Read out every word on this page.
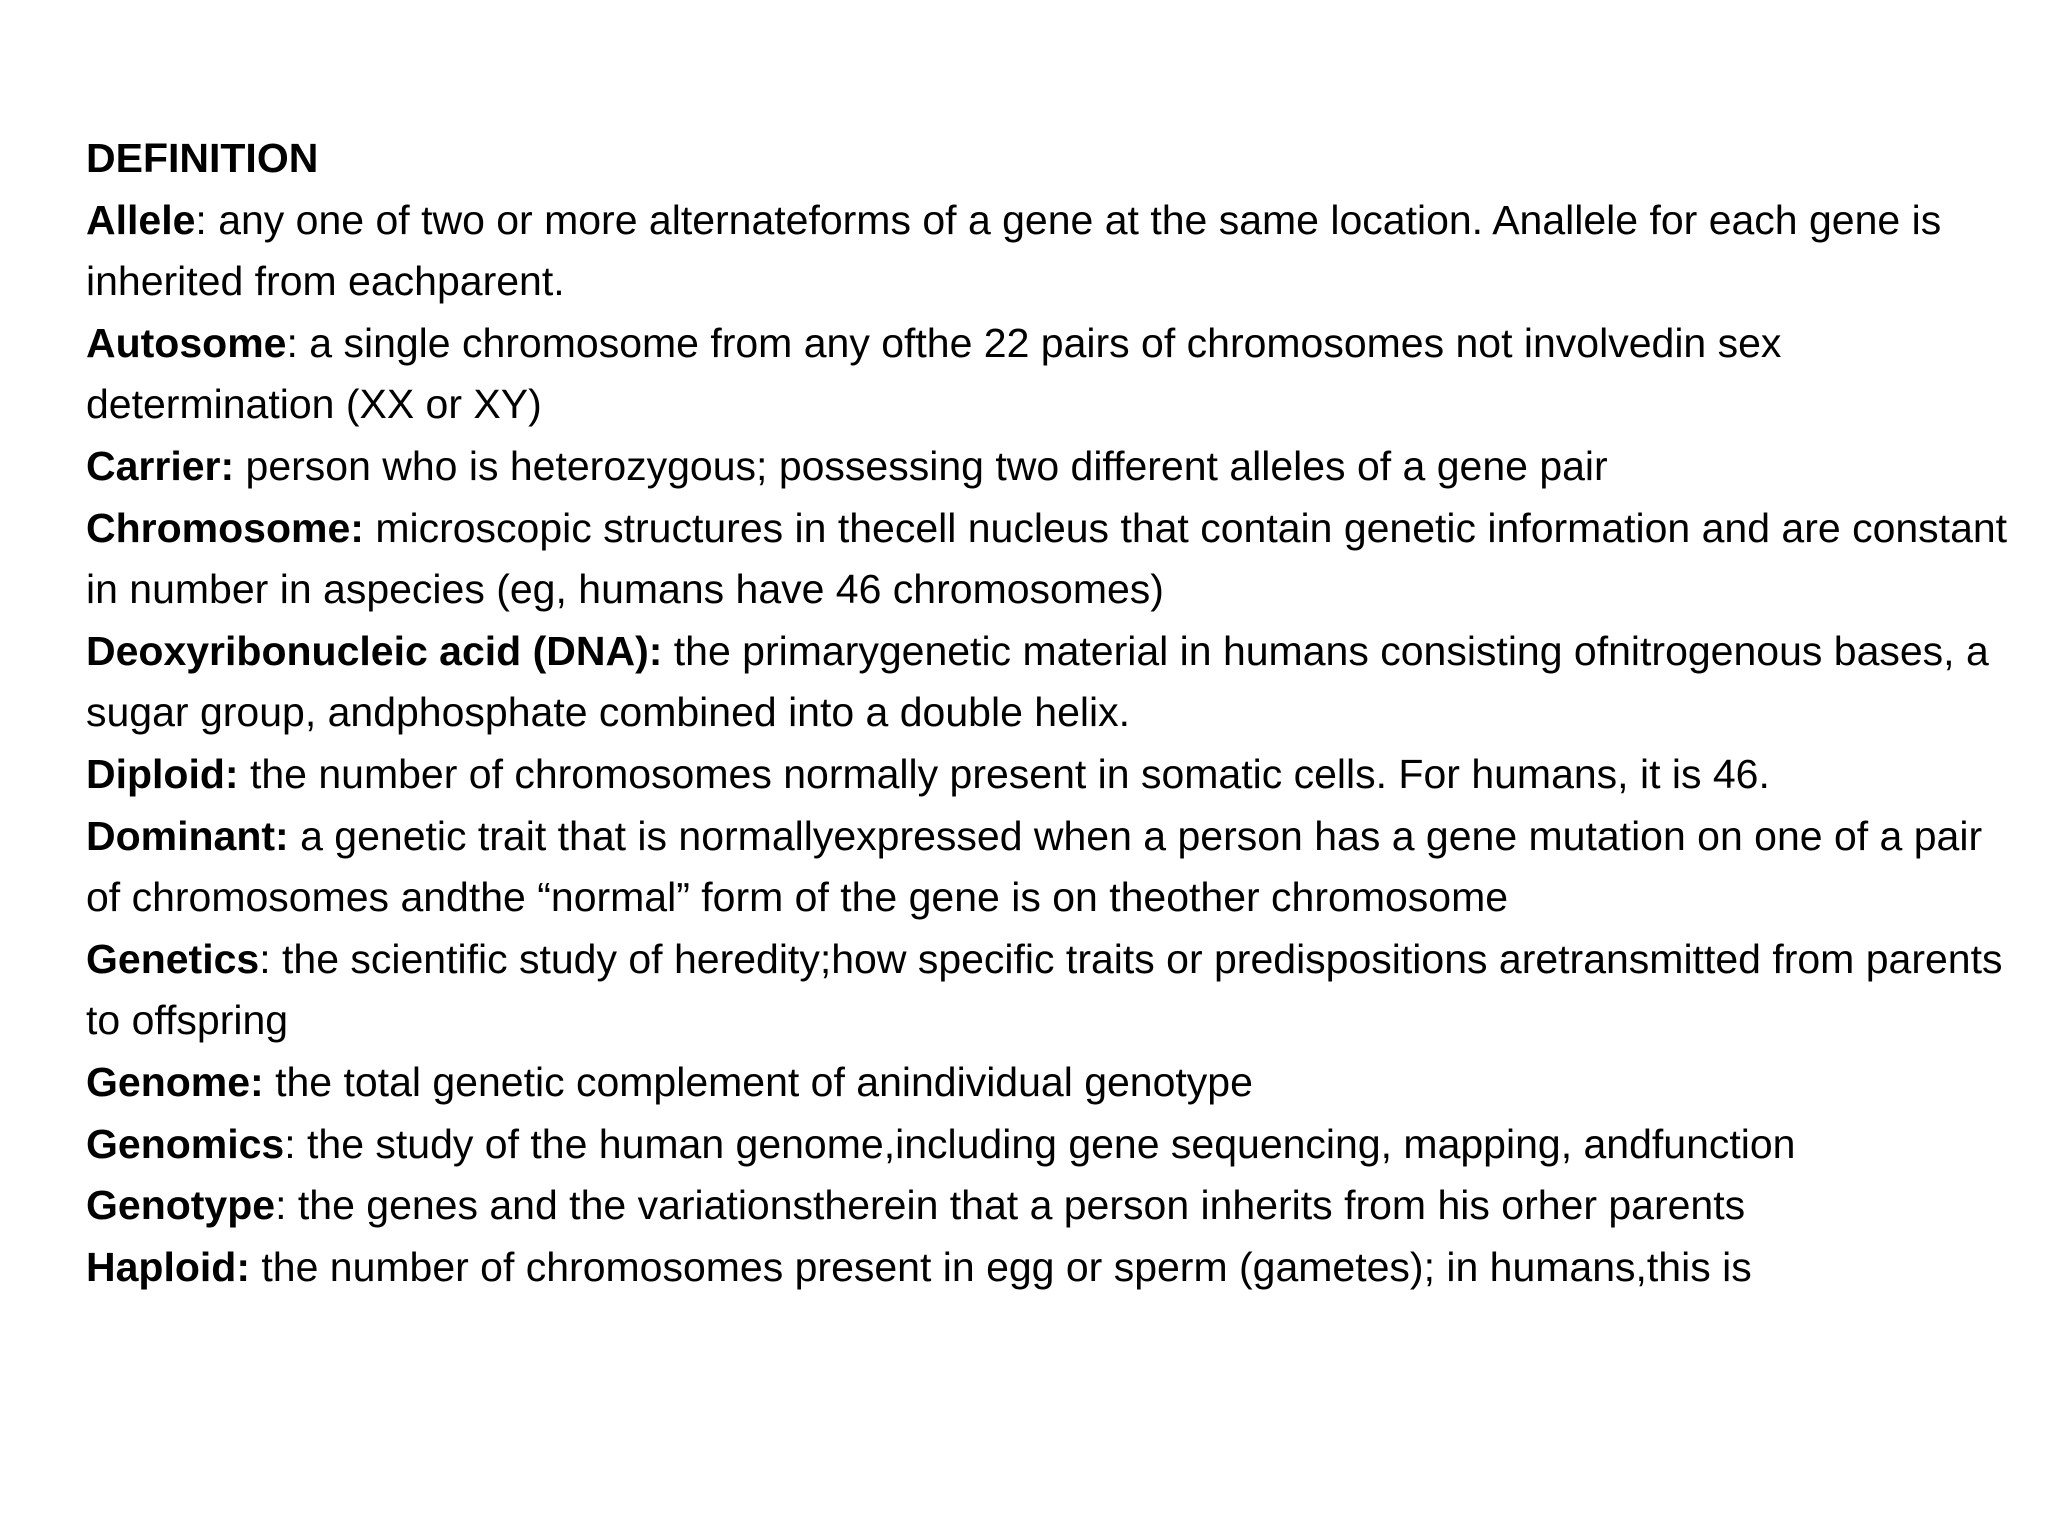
DEFINITION

Allele: any one of two or more alternateforms of a gene at the same location. Anallele for each gene is inherited from eachparent.

Autosome: a single chromosome from any ofthe 22 pairs of chromosomes not involvedin sex determination (XX or XY)

Carrier: person who is heterozygous; possessing two different alleles of a gene pair

Chromosome: microscopic structures in thecell nucleus that contain genetic information and are constant in number in aspecies (eg, humans have 46 chromosomes)

Deoxyribonucleic acid (DNA): the primarygenetic material in humans consisting ofnitrogenous bases, a sugar group, andphosphate combined into a double helix.

Diploid: the number of chromosomes normally present in somatic cells. For humans, it is 46.

Dominant: a genetic trait that is normallyexpressed when a person has a gene mutation on one of a pair of chromosomes andthe “normal” form of the gene is on theother chromosome

Genetics: the scientific study of heredity;how specific traits or predispositions aretransmitted from parents to offspring

Genome: the total genetic complement of anindividual genotype

Genomics: the study of the human genome,including gene sequencing, mapping, andfunction

Genotype: the genes and the variationstherein that a person inherits from his orher parents

Haploid: the number of chromosomes present in egg or sperm (gametes); in humans,this is
